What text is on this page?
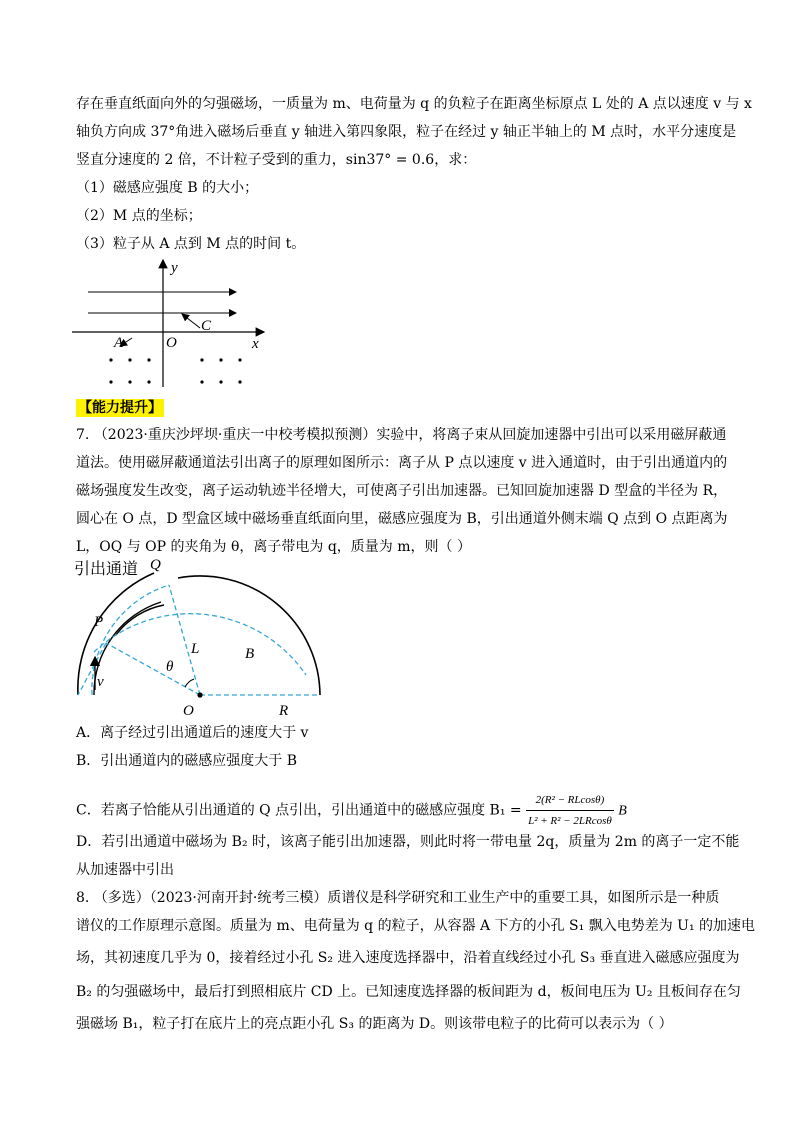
存在垂直纸面向外的匀强磁场，一质量为 m、电荷量为 q 的负粒子在距离坐标原点 L 处的 A 点以速度 v 与 x
轴负方向成 37°角进入磁场后垂直 y 轴进入第四象限，粒子在经过 y 轴正半轴上的 M 点时，水平分速度是
竖直分速度的 2 倍，不计粒子受到的重力，sin37° = 0.6，求：
（1）磁感应强度 B 的大小；
（2）M 点的坐标；
（3）粒子从 A 点到 M 点的时间 t。
y
x
O
C
A
【能力提升】
7. （2023·重庆沙坪坝·重庆一中校考模拟预测）实验中，将离子束从回旋加速器中引出可以采用磁屏蔽通
道法。使用磁屏蔽通道法引出离子的原理如图所示：离子从 P 点以速度 v 进入通道时，由于引出通道内的
磁场强度发生改变，离子运动轨迹半径增大，可使离子引出加速器。已知回旋加速器 D 型盒的半径为 R，
圆心在 O 点，D 型盒区域中磁场垂直纸面向里，磁感应强度为 B，引出通道外侧末端 Q 点到 O 点距离为
L，OQ 与 OP 的夹角为 θ，离子带电为 q，质量为 m，则（ ）
引出通道 Q
P
L	B
θ
v
O	R
A．离子经过引出通道后的速度大于 v
B．引出通道内的磁感应强度大于 B
C．若离子恰能从引出通道的 Q 点引出，引出通道中的磁感应强度 $B_1 = \frac{\text{2(R² − RLcosθ)}}{\text{L² + R² − 2LRcosθ}}$ B
D．若引出通道中磁场为 B₂ 时，该离子能引出加速器，则此时将一带电量 2q，质量为 2m 的离子一定不能
从加速器中引出
8. （多选）（2023·河南开封·统考三模）质谱仪是科学研究和工业生产中的重要工具，如图所示是一种质
谱仪的工作原理示意图。质量为 m、电荷量为 q 的粒子，从容器 A 下方的小孔 S₁ 飘入电势差为 U₁ 的加速电
场，其初速度几乎为 0，接着经过小孔 S₂ 进入速度选择器中，沿着直线经过小孔 S₃ 垂直进入磁感应强度为
B₂ 的匀强磁场中，最后打到照相底片 CD 上。已知速度选择器的板间距为 d，板间电压为 U₂ 且板间存在匀
强磁场 B₁，粒子打在底片上的亮点距小孔 S₃ 的距离为 D。则该带电粒子的比荷可以表示为（ ）
